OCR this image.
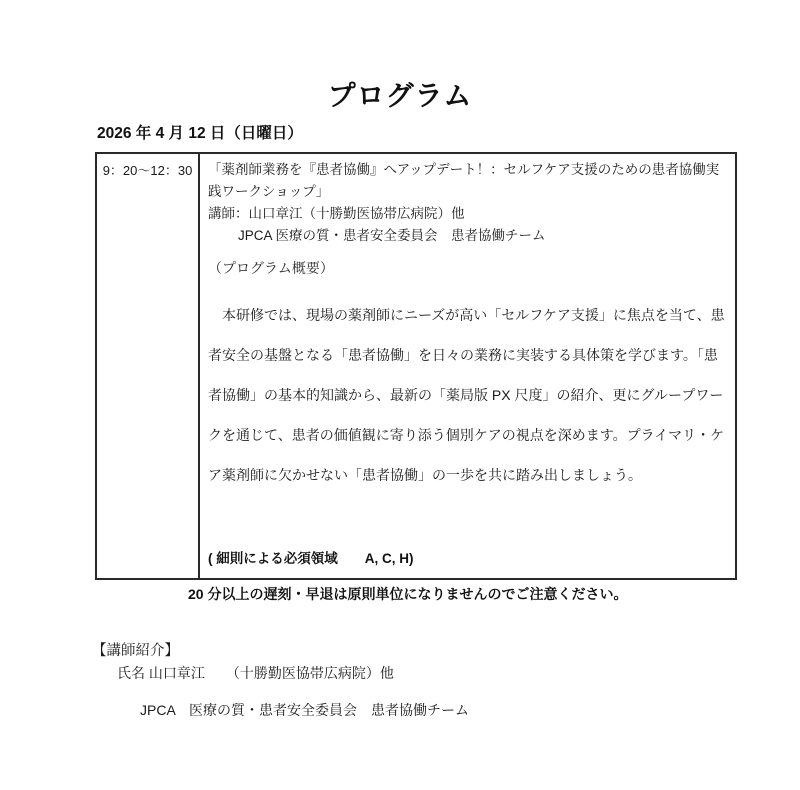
プログラム
2026 年 4 月 12 日（日曜日）
9：20～12：30	「薬剤師業務を『患者協働』へアップデート！：セルフケア支援のための患者協働実践ワークショップ」
講師：山口章江（十勝勤医協帯広病院）他
JPCA 医療の質・患者安全委員会　患者協働チーム
（プログラム概要）
本研修では、現場の薬剤師にニーズが高い「セルフケア支援」に焦点を当て、患者安全の基盤となる「患者協働」を日々の業務に実装する具体策を学びます。「患者協働」の基本的知識から、最新の「薬局版 PX 尺度」の紹介、更にグループワークを通じて、患者の価値観に寄り添う個別ケアの視点を深めます。プライマリ・ケア薬剤師に欠かせない「患者協働」の一歩を共に踏み出しましょう。
( 細則による必須領域　　A, C, H)
20 分以上の遅刻・早退は原則単位になりませんのでご注意ください。
【講師紹介】
氏名 山口章江　　（十勝勤医協帯広病院）他
JPCA　医療の質・患者安全委員会　患者協働チーム
